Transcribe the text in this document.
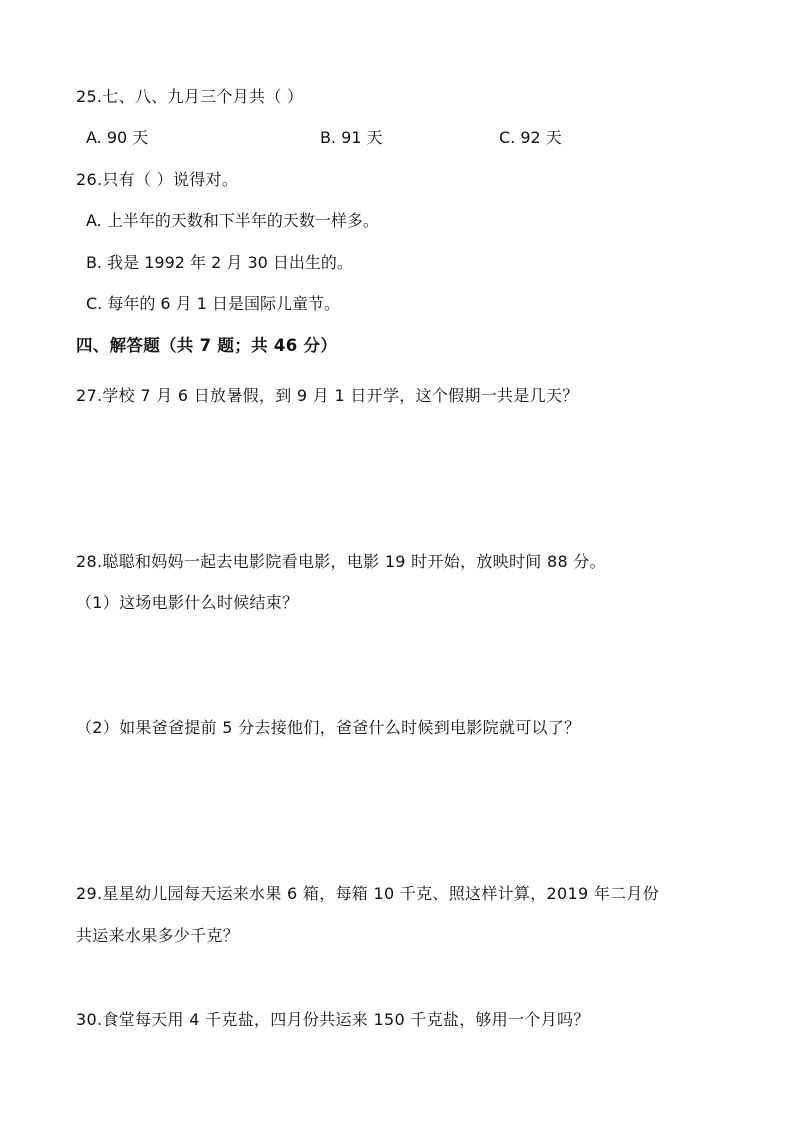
25.七、八、九月三个月共（ ）
A. 90 天	B. 91 天	C. 92 天
26.只有（ ）说得对。
A. 上半年的天数和下半年的天数一样多。
B. 我是 1992 年 2 月 30 日出生的。
C. 每年的 6 月 1 日是国际儿童节。
四、解答题（共 7 题；共 46 分）
27.学校 7 月 6 日放暑假，到 9 月 1 日开学，这个假期一共是几天？
28.聪聪和妈妈一起去电影院看电影，电影 19 时开始，放映时间 88 分。
（1）这场电影什么时候结束？
（2）如果爸爸提前 5 分去接他们，爸爸什么时候到电影院就可以了？
29.星星幼儿园每天运来水果 6 箱，每箱 10 千克、照这样计算，2019 年二月份
共运来水果多少千克？
30.食堂每天用 4 千克盐，四月份共运来 150 千克盐，够用一个月吗？
